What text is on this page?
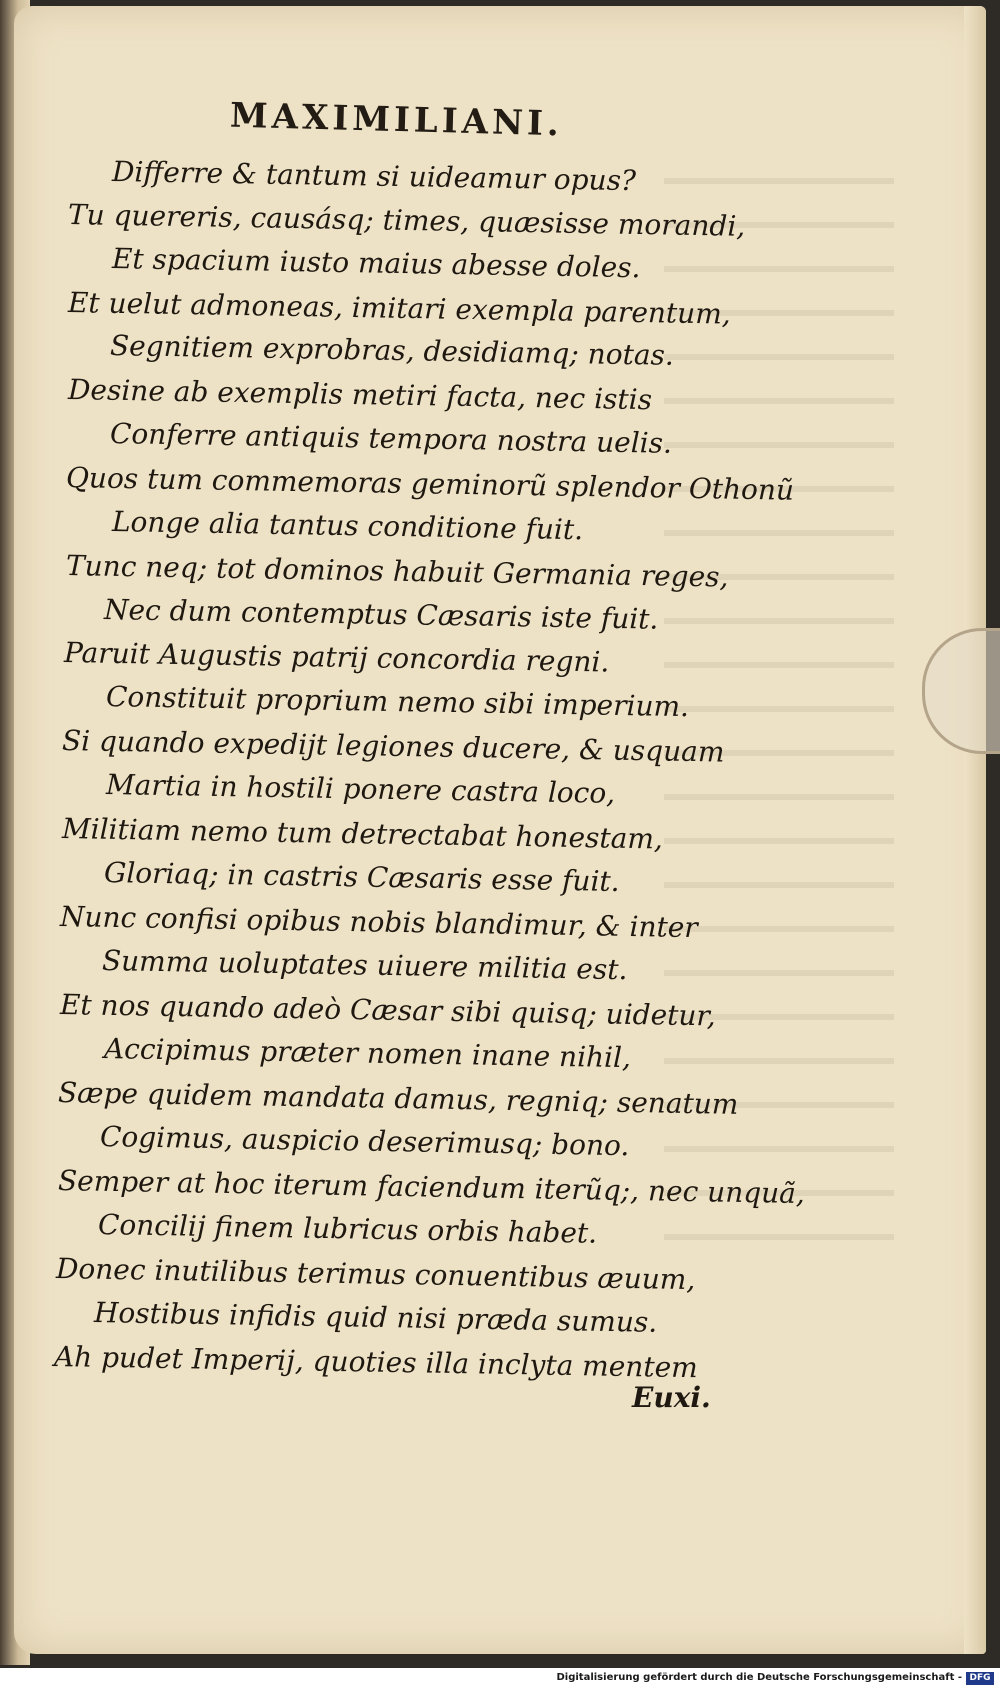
MAXIMILIANI.
Differre & tantum si uideamur opus?
Tu quereris, causásq; times, quæsisse morandi,
Et spacium iusto maius abesse doles.
Et uelut admoneas, imitari exempla parentum,
Segnitiem exprobras, desidiamq; notas.
Desine ab exemplis metiri facta, nec istis
Conferre antiquis tempora nostra uelis.
Quos tum commemoras geminorũ splendor Othonũ
Longe alia tantus conditione fuit.
Tunc neq; tot dominos habuit Germania reges,
Nec dum contemptus Cæsaris iste fuit.
Paruit Augustis patrij concordia regni.
Constituit proprium nemo sibi imperium.
Si quando expedijt legiones ducere, & usquam
Martia in hostili ponere castra loco,
Militiam nemo tum detrectabat honestam,
Gloriaq; in castris Cæsaris esse fuit.
Nunc confisi opibus nobis blandimur, & inter
Summa uoluptates uiuere militia est.
Et nos quando adeò Cæsar sibi quisq; uidetur,
Accipimus præter nomen inane nihil,
Sæpe quidem mandata damus, regniq; senatum
Cogimus, auspicio deserimusq; bono.
Semper at hoc iterum faciendum iterũq;, nec unquã,
Concilij finem lubricus orbis habet.
Donec inutilibus terimus conuentibus æuum,
Hostibus infidis quid nisi præda sumus.
Ah pudet Imperij, quoties illa inclyta mentem
Euxi.
Digitalisierung gefördert durch die Deutsche Forschungsgemeinschaft - DFG
